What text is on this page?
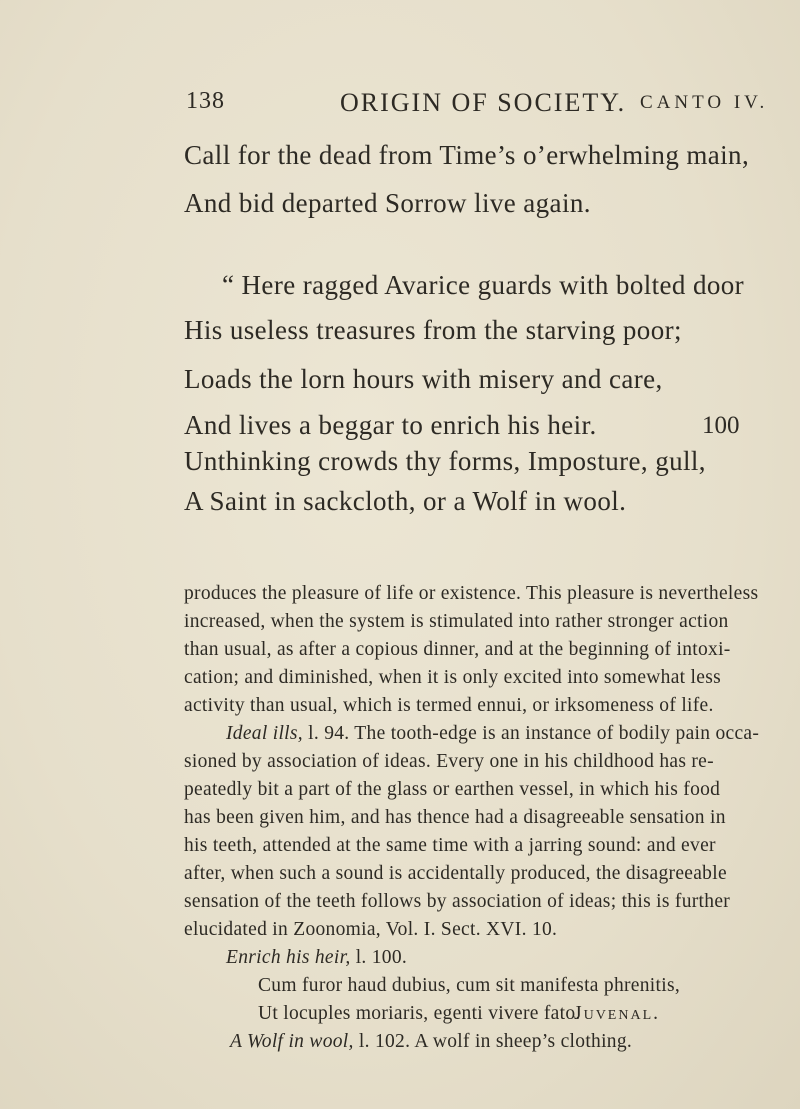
138	ORIGIN OF SOCIETY. CANTO IV.
Call for the dead from Time’s o’erwhelming main,
And bid departed Sorrow live again.
“ Here ragged Avarice guards with bolted door
His useless treasures from the starving poor;
Loads the lorn hours with misery and care,
And lives a beggar to enrich his heir.	100
Unthinking crowds thy forms, Imposture, gull,
A Saint in sackcloth, or a Wolf in wool.
produces the pleasure of life or existence. This pleasure is nevertheless
increased, when the system is stimulated into rather stronger action
than usual, as after a copious dinner, and at the beginning of intoxi-
cation; and diminished, when it is only excited into somewhat less
activity than usual, which is termed ennui, or irksomeness of life.
Ideal ills, l. 94. The tooth-edge is an instance of bodily pain occa-
sioned by association of ideas. Every one in his childhood has re-
peatedly bit a part of the glass or earthen vessel, in which his food
has been given him, and has thence had a disagreeable sensation in
his teeth, attended at the same time with a jarring sound: and ever
after, when such a sound is accidentally produced, the disagreeable
sensation of the teeth follows by association of ideas; this is further
elucidated in Zoonomia, Vol. I. Sect. XVI. 10.
Enrich his heir, l. 100.
Cum furor haud dubius, cum sit manifesta phrenitis,
Ut locuples moriaris, egenti vivere fato.
Juvenal.
A Wolf in wool, l. 102. A wolf in sheep’s clothing.
